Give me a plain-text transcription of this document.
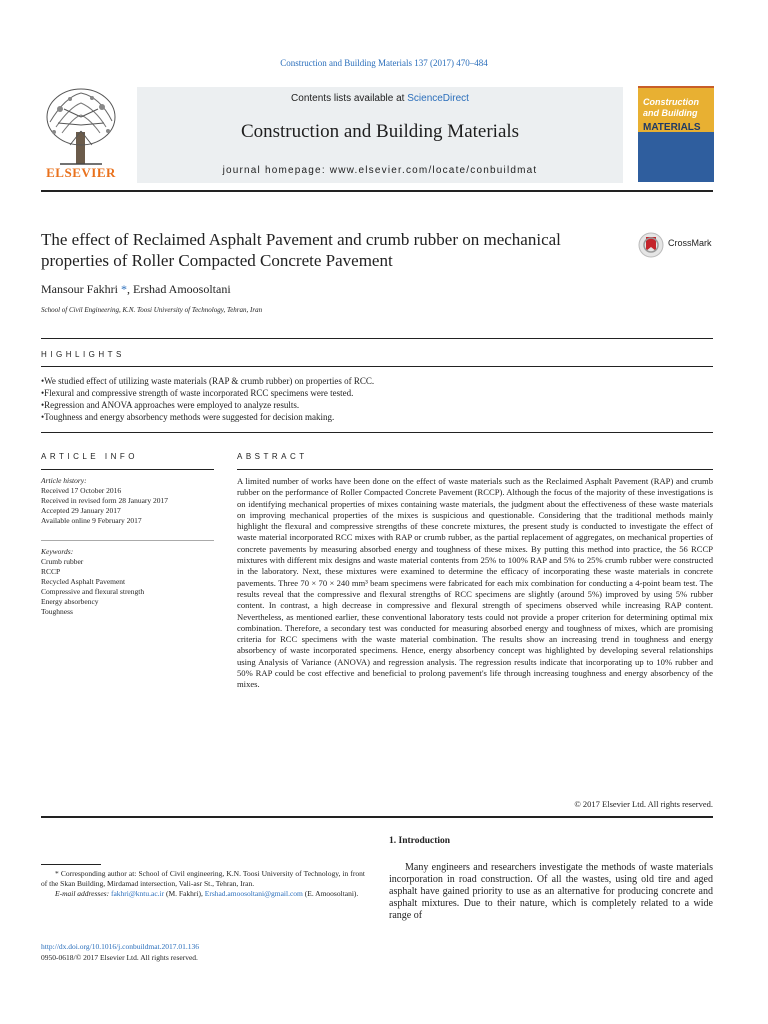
Construction and Building Materials 137 (2017) 470–484
ELSEVIER
Contents lists available at ScienceDirect
Construction and Building Materials
journal homepage: www.elsevier.com/locate/conbuildmat
Construction
and Building
MATERIALS
The effect of Reclaimed Asphalt Pavement and crumb rubber on mechanical properties of Roller Compacted Concrete Pavement
CrossMark
Mansour Fakhri *, Ershad Amoosoltani
School of Civil Engineering, K.N. Toosi University of Technology, Tehran, Iran
HIGHLIGHTS
• We studied effect of utilizing waste materials (RAP & crumb rubber) on properties of RCC.
• Flexural and compressive strength of waste incorporated RCC specimens were tested.
• Regression and ANOVA approaches were employed to analyze results.
• Toughness and energy absorbency methods were suggested for decision making.
ARTICLE INFO
Article history:
Received 17 October 2016
Received in revised form 28 January 2017
Accepted 29 January 2017
Available online 9 February 2017
Keywords:
Crumb rubber
RCCP
Recycled Asphalt Pavement
Compressive and flexural strength
Energy absorbency
Toughness
ABSTRACT
A limited number of works have been done on the effect of waste materials such as the Reclaimed Asphalt Pavement (RAP) and crumb rubber on the performance of Roller Compacted Concrete Pavement (RCCP). Although the focus of the majority of these investigations is on identifying mechanical properties of mixes containing waste materials, the judgment about the effectiveness of these waste materials on improving mechanical properties of the mixes is suspicious and questionable. Considering that the traditional methods mainly highlight the flexural and compressive strengths of these concrete mixtures, the present study is conducted to investigate the effect of waste material incorporated RCC mixes with RAP or crumb rubber, as the partial replacement of aggregates, on mechanical properties of concrete pavements by measuring absorbed energy and toughness of these mixes. By putting this method into practice, the 56 RCCP mixtures with different mix designs and waste material contents from 25% to 100% RAP and 5% to 25% crumb rubber were constructed in the laboratory. Next, these mixtures were examined to determine the efficacy of incorporating these waste materials in concrete pavements. Three 70 × 70 × 240 mm³ beam specimens were fabricated for each mix combination for conducting a 4-point beam test. The results reveal that the compressive and flexural strengths of RCC specimens are slightly (around 5%) improved by using 5% rubber content. In contrast, a high decrease in compressive and flexural strength of specimens observed while increasing RAP content. Nevertheless, as mentioned earlier, these conventional laboratory tests could not provide a proper criterion for determining optimal mix combination. Therefore, a secondary test was conducted for measuring absorbed energy and toughness of mixes, which are promising criteria for RCC specimens with the waste material combination. The results show an increasing trend in toughness and energy absorbency of waste incorporated specimens. Hence, energy absorbency concept was highlighted by developing several relationships using Analysis of Variance (ANOVA) and regression analysis. The regression results indicate that incorporating up to 10% rubber and 50% RAP could be cost effective and beneficial to prolong pavement's life through increasing toughness and energy absorbency of the mixes.
© 2017 Elsevier Ltd. All rights reserved.
1. Introduction
Many engineers and researchers investigate the methods of waste materials incorporation in road construction. Of all the wastes, using old tire and aged asphalt have gained priority to use as an alternative for producing concrete and asphalt mixtures. Due to their nature, which is completely related to a wide range of
* Corresponding author at: School of Civil engineering, K.N. Toosi University of Technology, in front of the Skan Building, Mirdamad intersection, Vali-asr St., Tehran, Iran.
E-mail addresses: fakhri@kntu.ac.ir (M. Fakhri), Ershad.amoosoltani@gmail.com (E. Amoosoltani).
http://dx.doi.org/10.1016/j.conbuildmat.2017.01.136
0950-0618/© 2017 Elsevier Ltd. All rights reserved.
